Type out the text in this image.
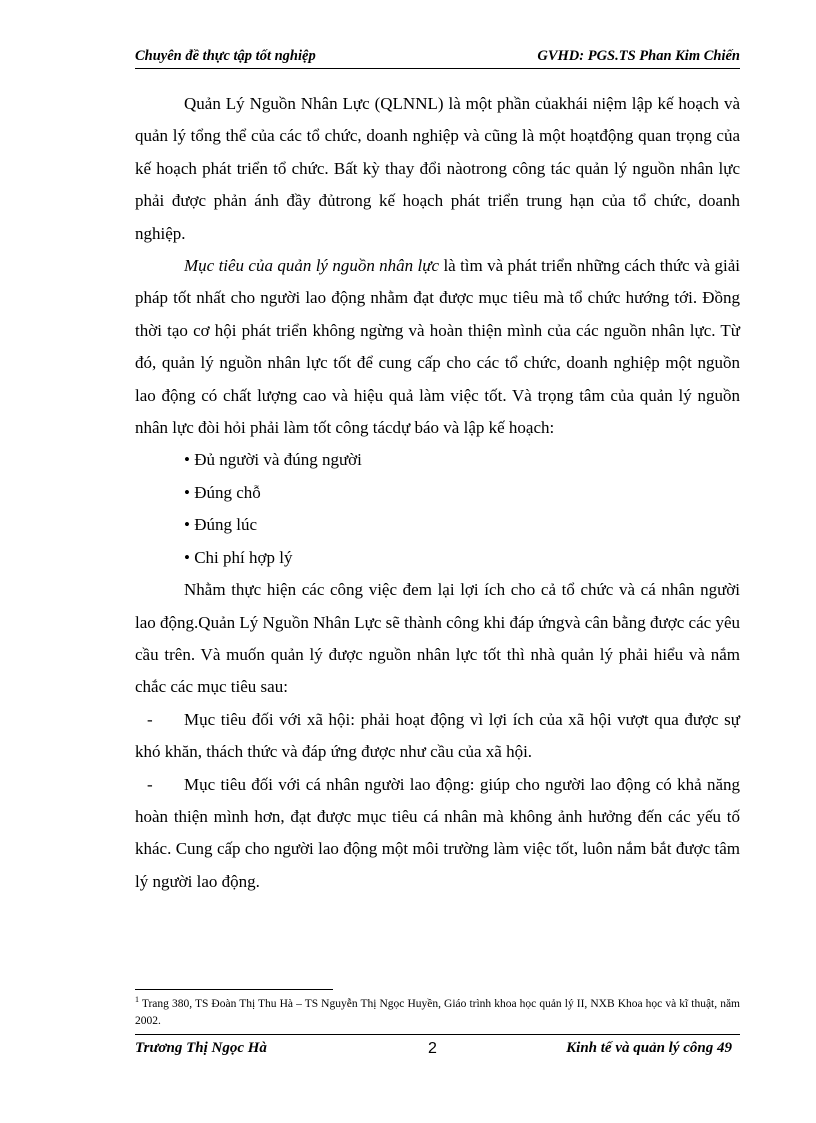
Chuyên đề thực tập tốt nghiệp	GVHD: PGS.TS Phan Kim Chiến

Quản Lý Nguồn Nhân Lực (QLNNL) là một phần củakhái niệm lập kế hoạch và quản lý tổng thể của các tổ chức, doanh nghiệp và cũng là một hoạtđộng quan trọng của kế hoạch phát triển tổ chức. Bất kỳ thay đổi nàotrong công tác quản lý nguồn nhân lực phải được phản ánh đầy đủtrong kế hoạch phát triển trung hạn của tổ chức, doanh nghiệp.

Mục tiêu của quản lý nguồn nhân lực là tìm và phát triển những cách thức và giải pháp tốt nhất cho người lao động nhằm đạt được mục tiêu mà tổ chức hướng tới. Đồng thời tạo cơ hội phát triển không ngừng và hoàn thiện mình của các nguồn nhân lực. Từ đó, quản lý nguồn nhân lực tốt để cung cấp cho các tổ chức, doanh nghiệp một nguồn lao động có chất lượng cao và hiệu quả làm việc tốt. Và trọng tâm của quản lý nguồn nhân lực đòi hỏi phải làm tốt công tácdự báo và lập kế hoạch:

• Đủ người và đúng người

• Đúng chỗ

• Đúng lúc

• Chi phí hợp lý

Nhằm thực hiện các công việc đem lại lợi ích cho cả tổ chức và cá nhân người lao động.Quản Lý Nguồn Nhân Lực sẽ thành công khi đáp ứngvà cân bằng được các yêu cầu trên. Và muốn quản lý được nguồn nhân lực tốt thì nhà quản lý phải hiểu và nắm chắc các mục tiêu sau:

- Mục tiêu đối với xã hội: phải hoạt động vì lợi ích của xã hội vượt qua được sự khó khăn, thách thức và đáp ứng được như cầu của xã hội.

- Mục tiêu đối với cá nhân người lao động: giúp cho người lao động có khả năng hoàn thiện mình hơn, đạt được mục tiêu cá nhân mà không ảnh hưởng đến các yếu tố khác. Cung cấp cho người lao động một môi trường làm việc tốt, luôn nắm bắt được tâm lý người lao động.

$^1$ Trang 380, TS Đoàn Thị Thu Hà – TS Nguyễn Thị Ngọc Huyền, Giáo trình khoa học quản lý II, NXB Khoa học và kĩ thuật, năm 2002.
Trương Thị Ngọc Hà	2	Kinh tế và quản lý công 49
